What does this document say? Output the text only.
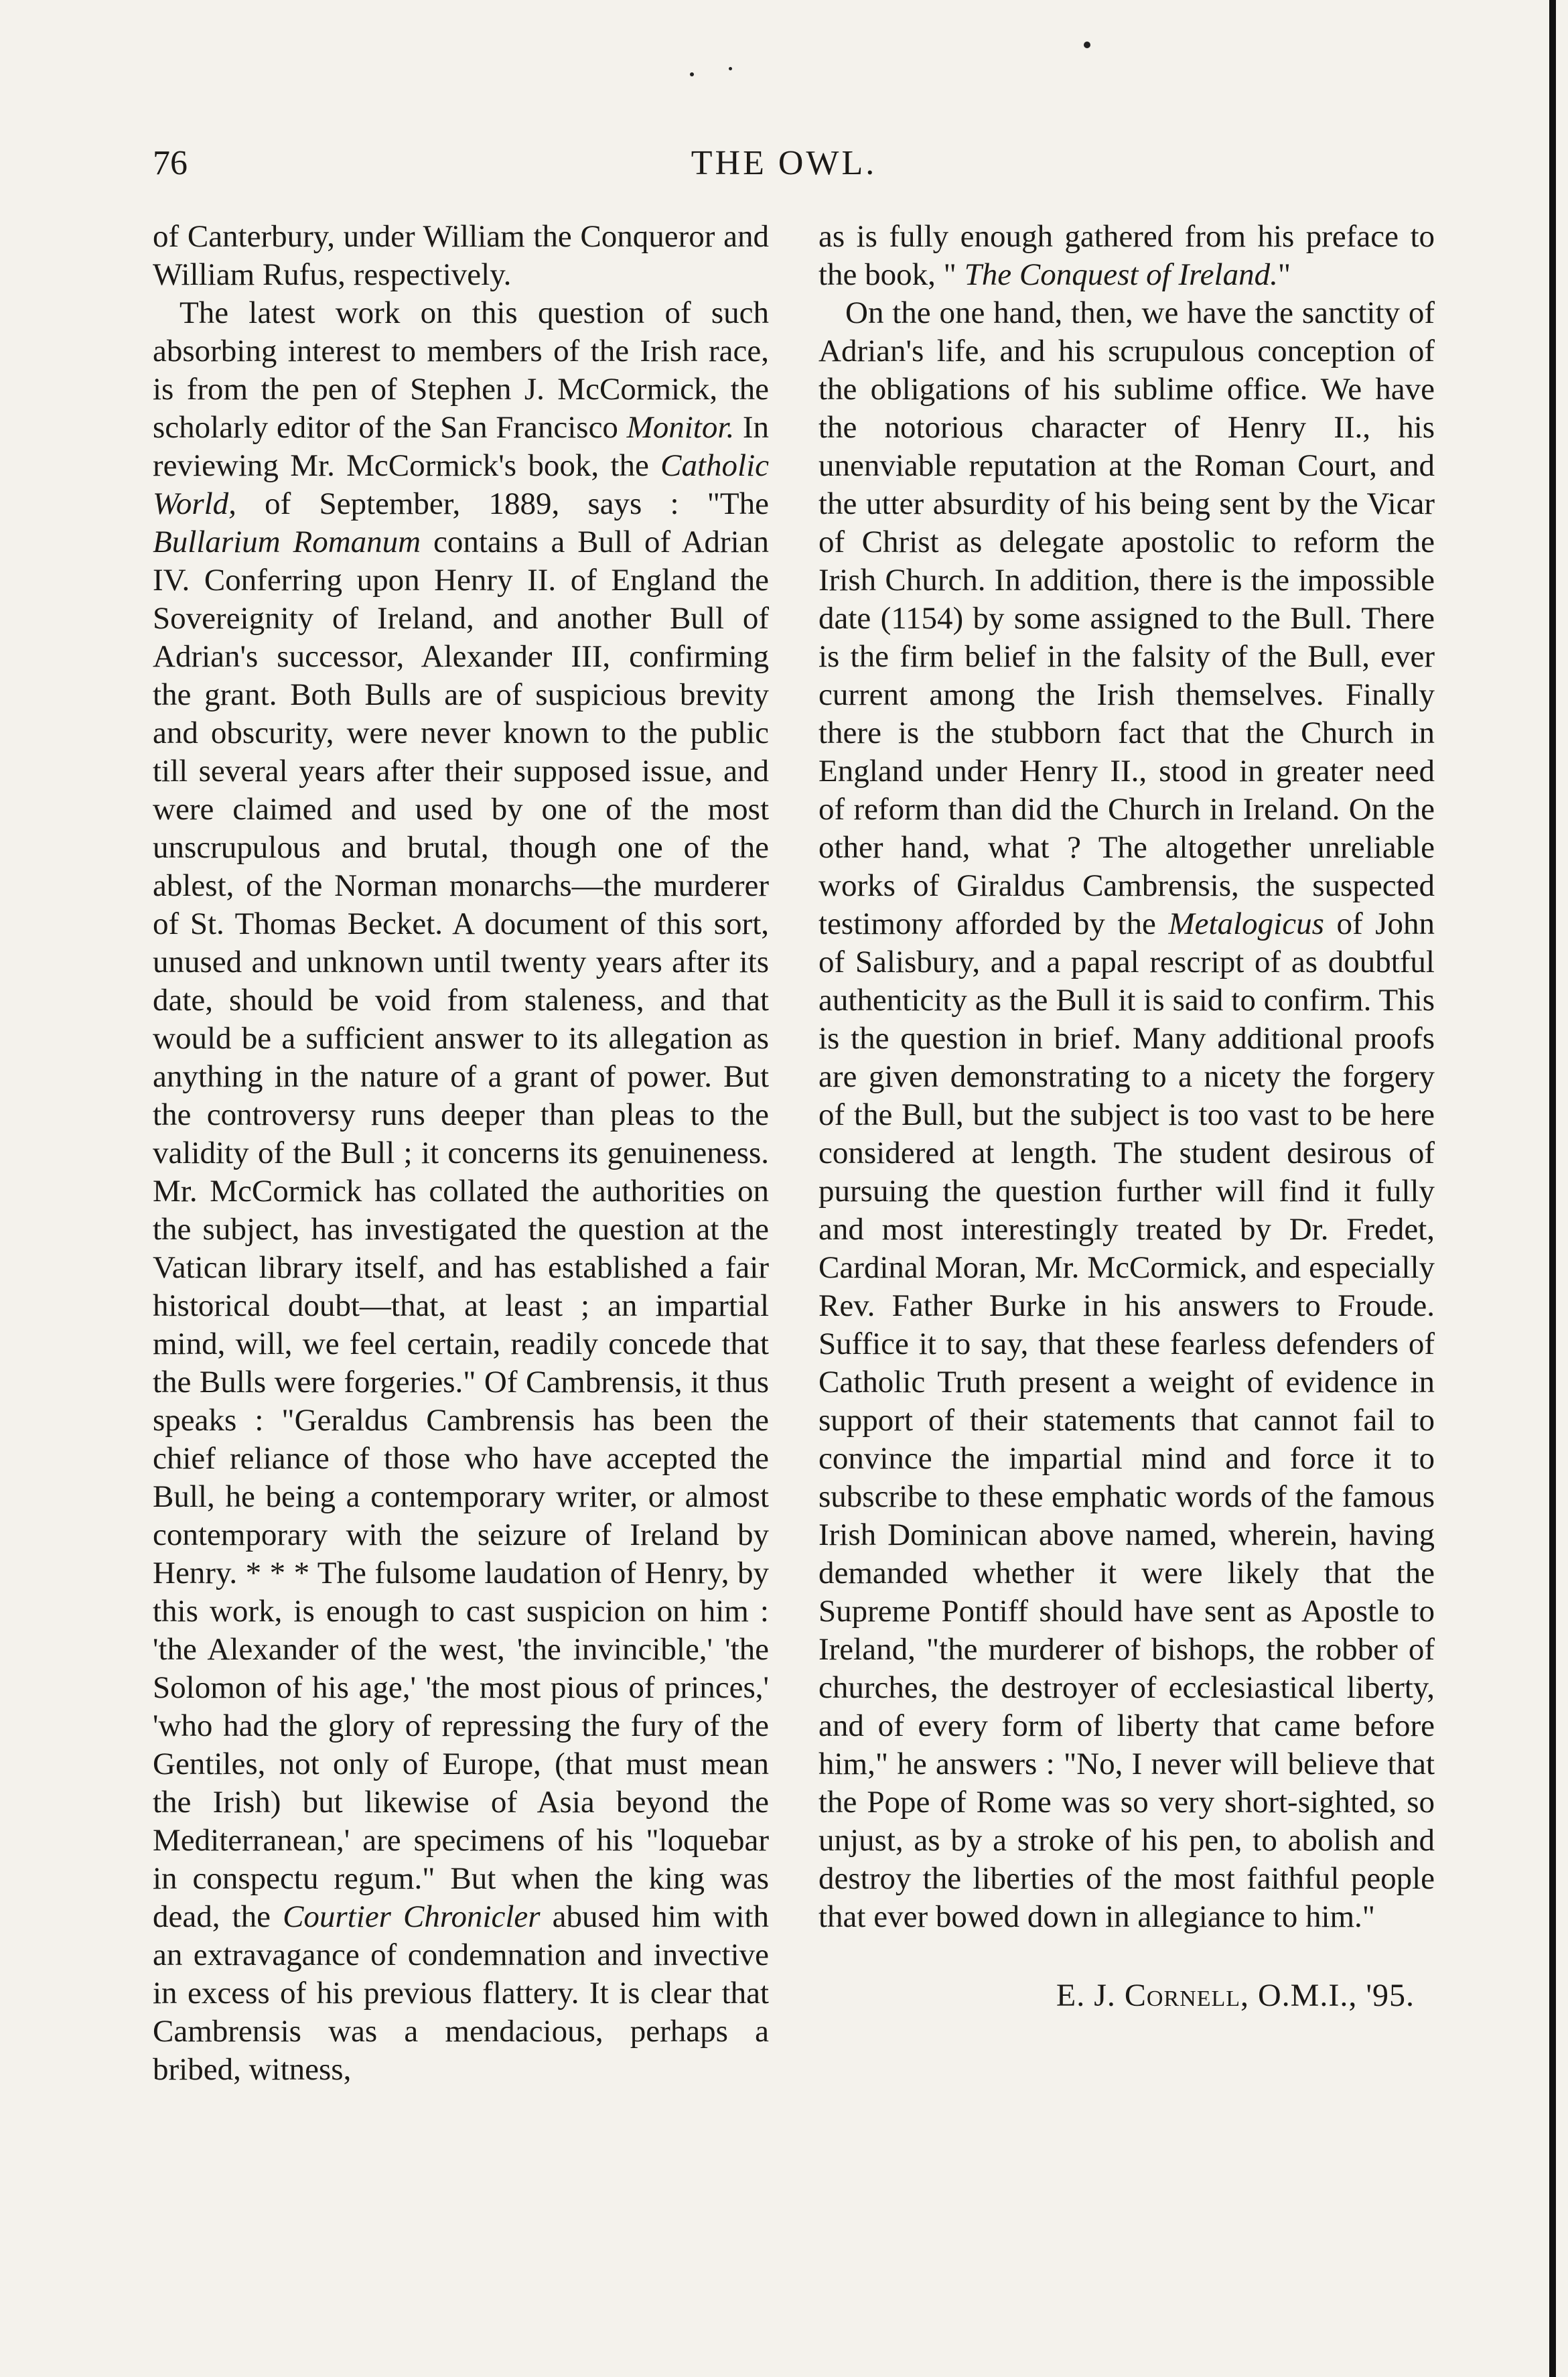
76	THE OWL.

of Canterbury, under William the Conqueror and William Rufus, respectively.

The latest work on this question of such absorbing interest to members of the Irish race, is from the pen of Stephen J. McCormick, the scholarly editor of the San Francisco Monitor. In reviewing Mr. McCormick's book, the Catholic World, of September, 1889, says : "The Bullarium Romanum contains a Bull of Adrian IV. Conferring upon Henry II. of England the Sovereignity of Ireland, and another Bull of Adrian's successor, Alexander III, confirming the grant. Both Bulls are of suspicious brevity and obscurity, were never known to the public till several years after their supposed issue, and were claimed and used by one of the most unscrupulous and brutal, though one of the ablest, of the Norman monarchs—the murderer of St. Thomas Becket. A document of this sort, unused and unknown until twenty years after its date, should be void from staleness, and that would be a sufficient answer to its allegation as anything in the nature of a grant of power. But the controversy runs deeper than pleas to the validity of the Bull ; it concerns its genuineness. Mr. McCormick has collated the authorities on the subject, has investigated the question at the Vatican library itself, and has established a fair historical doubt—that, at least ; an impartial mind, will, we feel certain, readily concede that the Bulls were forgeries." Of Cambrensis, it thus speaks : "Geraldus Cambrensis has been the chief reliance of those who have accepted the Bull, he being a contemporary writer, or almost contemporary with the seizure of Ireland by Henry. * * * The fulsome laudation of Henry, by this work, is enough to cast suspicion on him : 'the Alexander of the west, 'the invincible,' 'the Solomon of his age,' 'the most pious of princes,' 'who had the glory of repressing the fury of the Gentiles, not only of Europe, (that must mean the Irish) but likewise of Asia beyond the Mediterranean,' are specimens of his "loquebar in conspectu regum." But when the king was dead, the Courtier Chronicler abused him with an extravagance of condemnation and invective in excess of his previous flattery. It is clear that Cambrensis was a mendacious, perhaps a bribed, witness,

as is fully enough gathered from his preface to the book, " The Conquest of Ireland."

On the one hand, then, we have the sanctity of Adrian's life, and his scrupulous conception of the obligations of his sublime office. We have the notorious character of Henry II., his unenviable reputation at the Roman Court, and the utter absurdity of his being sent by the Vicar of Christ as delegate apostolic to reform the Irish Church. In addition, there is the impossible date (1154) by some assigned to the Bull. There is the firm belief in the falsity of the Bull, ever current among the Irish themselves. Finally there is the stubborn fact that the Church in England under Henry II., stood in greater need of reform than did the Church in Ireland. On the other hand, what ? The altogether unreliable works of Giraldus Cambrensis, the suspected testimony afforded by the Metalogicus of John of Salisbury, and a papal rescript of as doubtful authenticity as the Bull it is said to confirm. This is the question in brief. Many additional proofs are given demonstrating to a nicety the forgery of the Bull, but the subject is too vast to be here considered at length. The student desirous of pursuing the question further will find it fully and most interestingly treated by Dr. Fredet, Cardinal Moran, Mr. McCormick, and especially Rev. Father Burke in his answers to Froude. Suffice it to say, that these fearless defenders of Catholic Truth present a weight of evidence in support of their statements that cannot fail to convince the impartial mind and force it to subscribe to these emphatic words of the famous Irish Dominican above named, wherein, having demanded whether it were likely that the Supreme Pontiff should have sent as Apostle to Ireland, "the murderer of bishops, the robber of churches, the destroyer of ecclesiastical liberty, and of every form of liberty that came before him," he answers : "No, I never will believe that the Pope of Rome was so very short-sighted, so unjust, as by a stroke of his pen, to abolish and destroy the liberties of the most faithful people that ever bowed down in allegiance to him."

E. J. Cornell, O.M.I., '95.
